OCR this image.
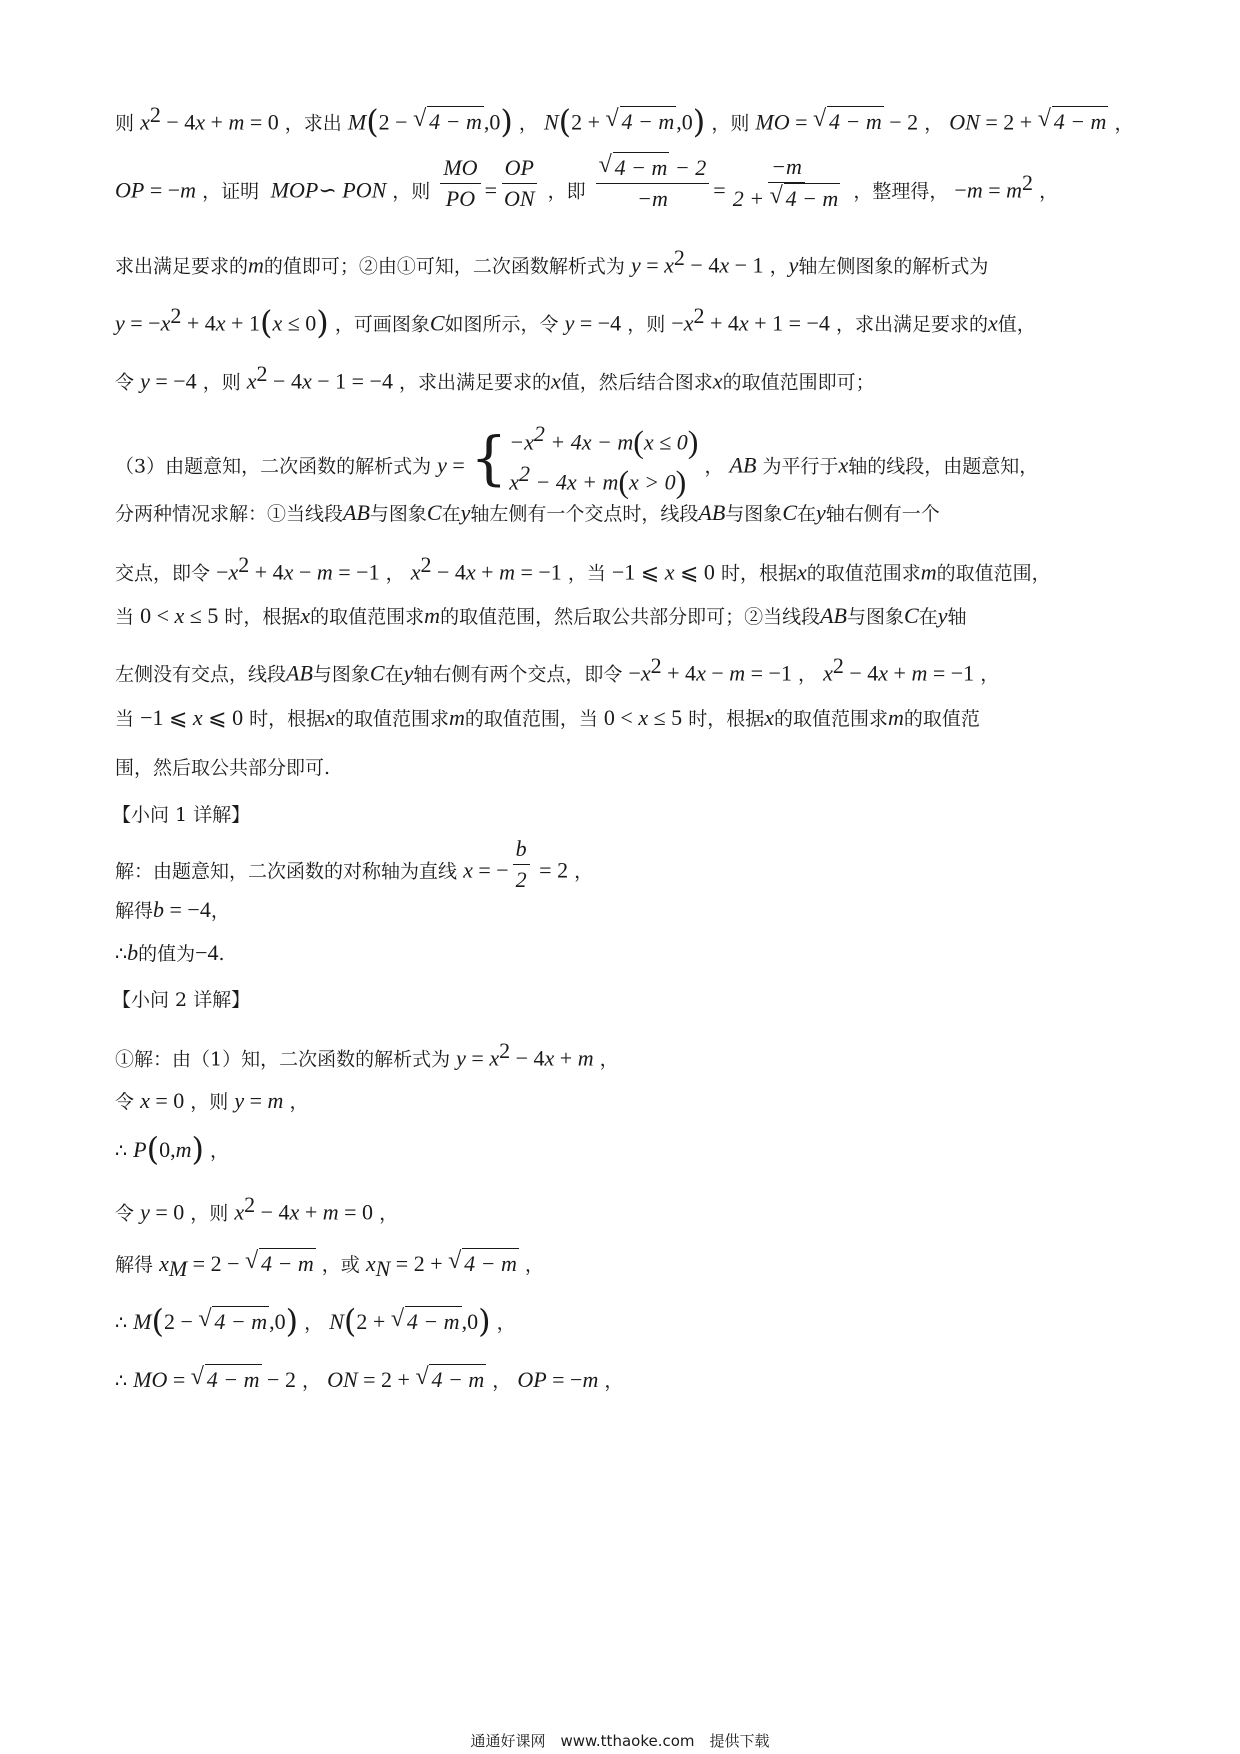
则 $x^2 - 4x + m = 0$ ，求出 M(2 − √ 4 − m,0) ， N(2 + √ 4 − m,0) ，则 MO = √ 4 − m − 2 ， ON = 2 + √ 4 − m ，
OP = −m ，证明  MOP∽ PON ，则 $\frac{MO}{PO} = \frac{OP}{ON}$ ，即
√ $\frac{4 - m - 2}{-m} = \frac{-m}{2 + √ 4 - m}$ ，整理得， $-m = m^2$ ，
求出满足要求的m的值即可；②由①可知，二次函数解析式为 $y = x^2 - 4x - 1$ ，y轴左侧图象的解析式为
$y = -x^2 + 4x + 1(x \le 0)$ ，可画图象C如图所示，令 y = −4 ，则 $-x^2 + 4x + 1 = -4$ ，求出满足要求的x值，
令 y = −4 ，则 $x^2 - 4x - 1 = -4$ ，求出满足要求的x值，然后结合图求x的取值范围即可；
（3）由题意知，二次函数的解析式为 y = { $-x^2 + 4x - m(x \le 0)$
$x^2 - 4x + m(x > 0)$ ， AB 为平行于x轴的线段，由题意知，
分两种情况求解：①当线段AB与图象C在y轴左侧有一个交点时，线段AB与图象C在y轴右侧有一个
交点，即令 $-x^2 + 4x - m = -1$ ， $x^2 - 4x + m = -1$ ，当 −1 ⩽ x ⩽ 0 时，根据x的取值范围求m的取值范围，
当 0 < x ≤ 5 时，根据x的取值范围求m的取值范围，然后取公共部分即可；②当线段AB与图象C在y轴
左侧没有交点，线段AB与图象C在y轴右侧有两个交点，即令 $-x^2 + 4x - m = -1$ ， $x^2 - 4x + m = -1$ ，
当 −1 ⩽ x ⩽ 0 时，根据x的取值范围求m的取值范围，当 0 < x ≤ 5 时，根据x的取值范围求m的取值范
围，然后取公共部分即可.
【小问 1 详解】
解：由题意知，二次函数的对称轴为直线 x = − $\frac{b}{2} = 2$ ，
解得b = −4，
∴b的值为−4.
【小问 2 详解】
①解：由（1）知，二次函数的解析式为 $y = x^2 - 4x + m$ ，
令 x = 0 ，则 y = m ，
∴ P(0,m) ，
令 y = 0 ，则 $x^2 - 4x + m = 0$ ，
解得 $x_M = 2$ − √ 4 − m ，或 $x_N = 2$ + √ 4 − m ，
∴ M(2 − √ 4 − m,0) ， N(2 + √ 4 − m,0) ，
∴ MO = √ 4 − m − 2 ， ON = 2 + √ 4 − m ， OP = −m ，
通通好课网　www.tthaoke.com　提供下载
